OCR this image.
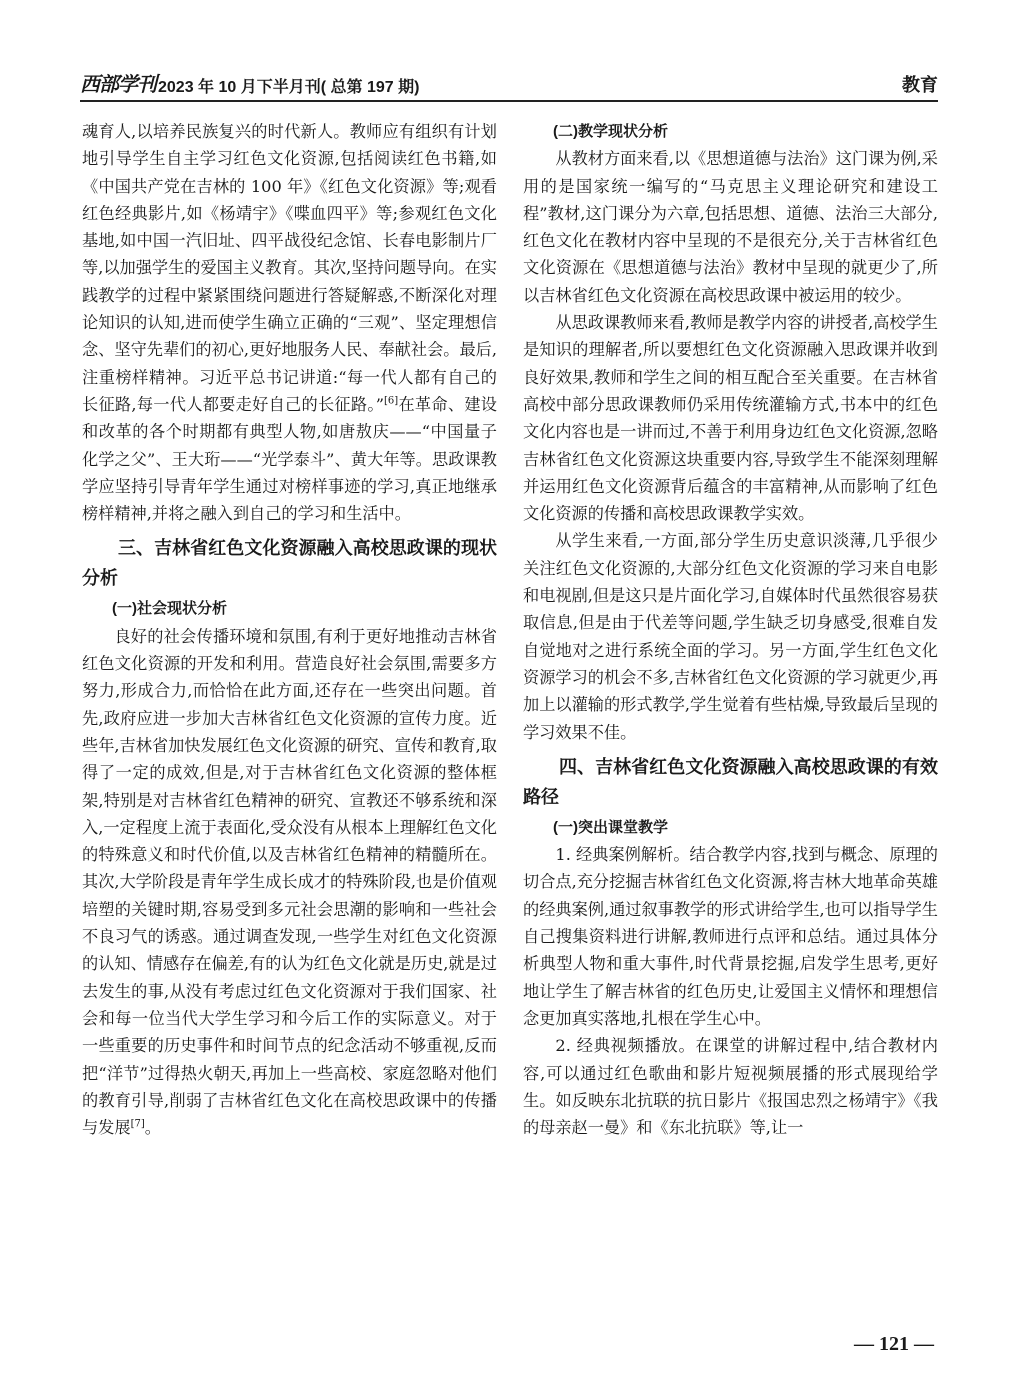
西部学刊 2023 年 10 月下半月刊( 总第 197 期)	教育

魂育人,以培养民族复兴的时代新人。教师应有组织有计划地引导学生自主学习红色文化资源,包括阅读红色书籍,如《中国共产党在吉林的 100 年》《红色文化资源》等;观看红色经典影片,如《杨靖宇》《喋血四平》等;参观红色文化基地,如中国一汽旧址、四平战役纪念馆、长春电影制片厂等,以加强学生的爱国主义教育。其次,坚持问题导向。在实践教学的过程中紧紧围绕问题进行答疑解惑,不断深化对理论知识的认知,进而使学生确立正确的“三观”、坚定理想信念、坚守先辈们的初心,更好地服务人民、奉献社会。最后,注重榜样精神。习近平总书记讲道:“每一代人都有自己的长征路,每一代人都要走好自己的长征路。”[6]在革命、建设和改革的各个时期都有典型人物,如唐敖庆——“中国量子化学之父”、王大珩——“光学泰斗”、黄大年等。思政课教学应坚持引导青年学生通过对榜样事迹的学习,真正地继承榜样精神,并将之融入到自己的学习和生活中。

三、吉林省红色文化资源融入高校思政课的现状分析
(一)社会现状分析

良好的社会传播环境和氛围,有利于更好地推动吉林省红色文化资源的开发和利用。营造良好社会氛围,需要多方努力,形成合力,而恰恰在此方面,还存在一些突出问题。首先,政府应进一步加大吉林省红色文化资源的宣传力度。近些年,吉林省加快发展红色文化资源的研究、宣传和教育,取得了一定的成效,但是,对于吉林省红色文化资源的整体框架,特别是对吉林省红色精神的研究、宣教还不够系统和深入,一定程度上流于表面化,受众没有从根本上理解红色文化的特殊意义和时代价值,以及吉林省红色精神的精髓所在。其次,大学阶段是青年学生成长成才的特殊阶段,也是价值观培塑的关键时期,容易受到多元社会思潮的影响和一些社会不良习气的诱惑。通过调查发现,一些学生对红色文化资源的认知、情感存在偏差,有的认为红色文化就是历史,就是过去发生的事,从没有考虑过红色文化资源对于我们国家、社会和每一位当代大学生学习和今后工作的实际意义。对于一些重要的历史事件和时间节点的纪念活动不够重视,反而把“洋节”过得热火朝天,再加上一些高校、家庭忽略对他们的教育引导,削弱了吉林省红色文化在高校思政课中的传播与发展[7]。

(二)教学现状分析

从教材方面来看,以《思想道德与法治》这门课为例,采用的是国家统一编写的“马克思主义理论研究和建设工程”教材,这门课分为六章,包括思想、道德、法治三大部分,红色文化在教材内容中呈现的不是很充分,关于吉林省红色文化资源在《思想道德与法治》教材中呈现的就更少了,所以吉林省红色文化资源在高校思政课中被运用的较少。

从思政课教师来看,教师是教学内容的讲授者,高校学生是知识的理解者,所以要想红色文化资源融入思政课并收到良好效果,教师和学生之间的相互配合至关重要。在吉林省高校中部分思政课教师仍采用传统灌输方式,书本中的红色文化内容也是一讲而过,不善于利用身边红色文化资源,忽略吉林省红色文化资源这块重要内容,导致学生不能深刻理解并运用红色文化资源背后蕴含的丰富精神,从而影响了红色文化资源的传播和高校思政课教学实效。

从学生来看,一方面,部分学生历史意识淡薄,几乎很少关注红色文化资源的,大部分红色文化资源的学习来自电影和电视剧,但是这只是片面化学习,自媒体时代虽然很容易获取信息,但是由于代差等问题,学生缺乏切身感受,很难自发自觉地对之进行系统全面的学习。另一方面,学生红色文化资源学习的机会不多,吉林省红色文化资源的学习就更少,再加上以灌输的形式教学,学生觉着有些枯燥,导致最后呈现的学习效果不佳。

四、吉林省红色文化资源融入高校思政课的有效路径
(一)突出课堂教学

1. 经典案例解析。结合教学内容,找到与概念、原理的切合点,充分挖掘吉林省红色文化资源,将吉林大地革命英雄的经典案例,通过叙事教学的形式讲给学生,也可以指导学生自己搜集资料进行讲解,教师进行点评和总结。通过具体分析典型人物和重大事件,时代背景挖掘,启发学生思考,更好地让学生了解吉林省的红色历史,让爱国主义情怀和理想信念更加真实落地,扎根在学生心中。

2. 经典视频播放。在课堂的讲解过程中,结合教材内容,可以通过红色歌曲和影片短视频展播的形式展现给学生。如反映东北抗联的抗日影片《报国忠烈之杨靖宇》《我的母亲赵一曼》和《东北抗联》等,让一

— 121 —
